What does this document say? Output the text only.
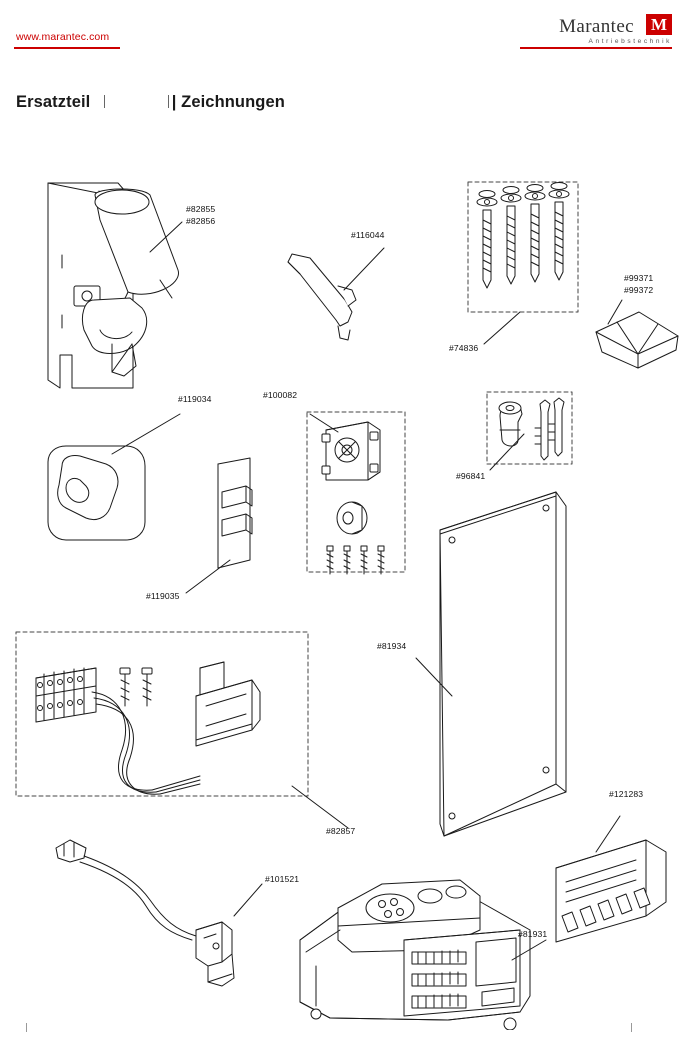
www.marantec.com	Marantec M
Antriebstechnik
Ersatzteil	| Zeichnungen
#82855
#82856
#116044
#99371
#99372
#74836
#119034	#100082
#96841
#119035
#81934
#121283
#82857
#101521
#81931
